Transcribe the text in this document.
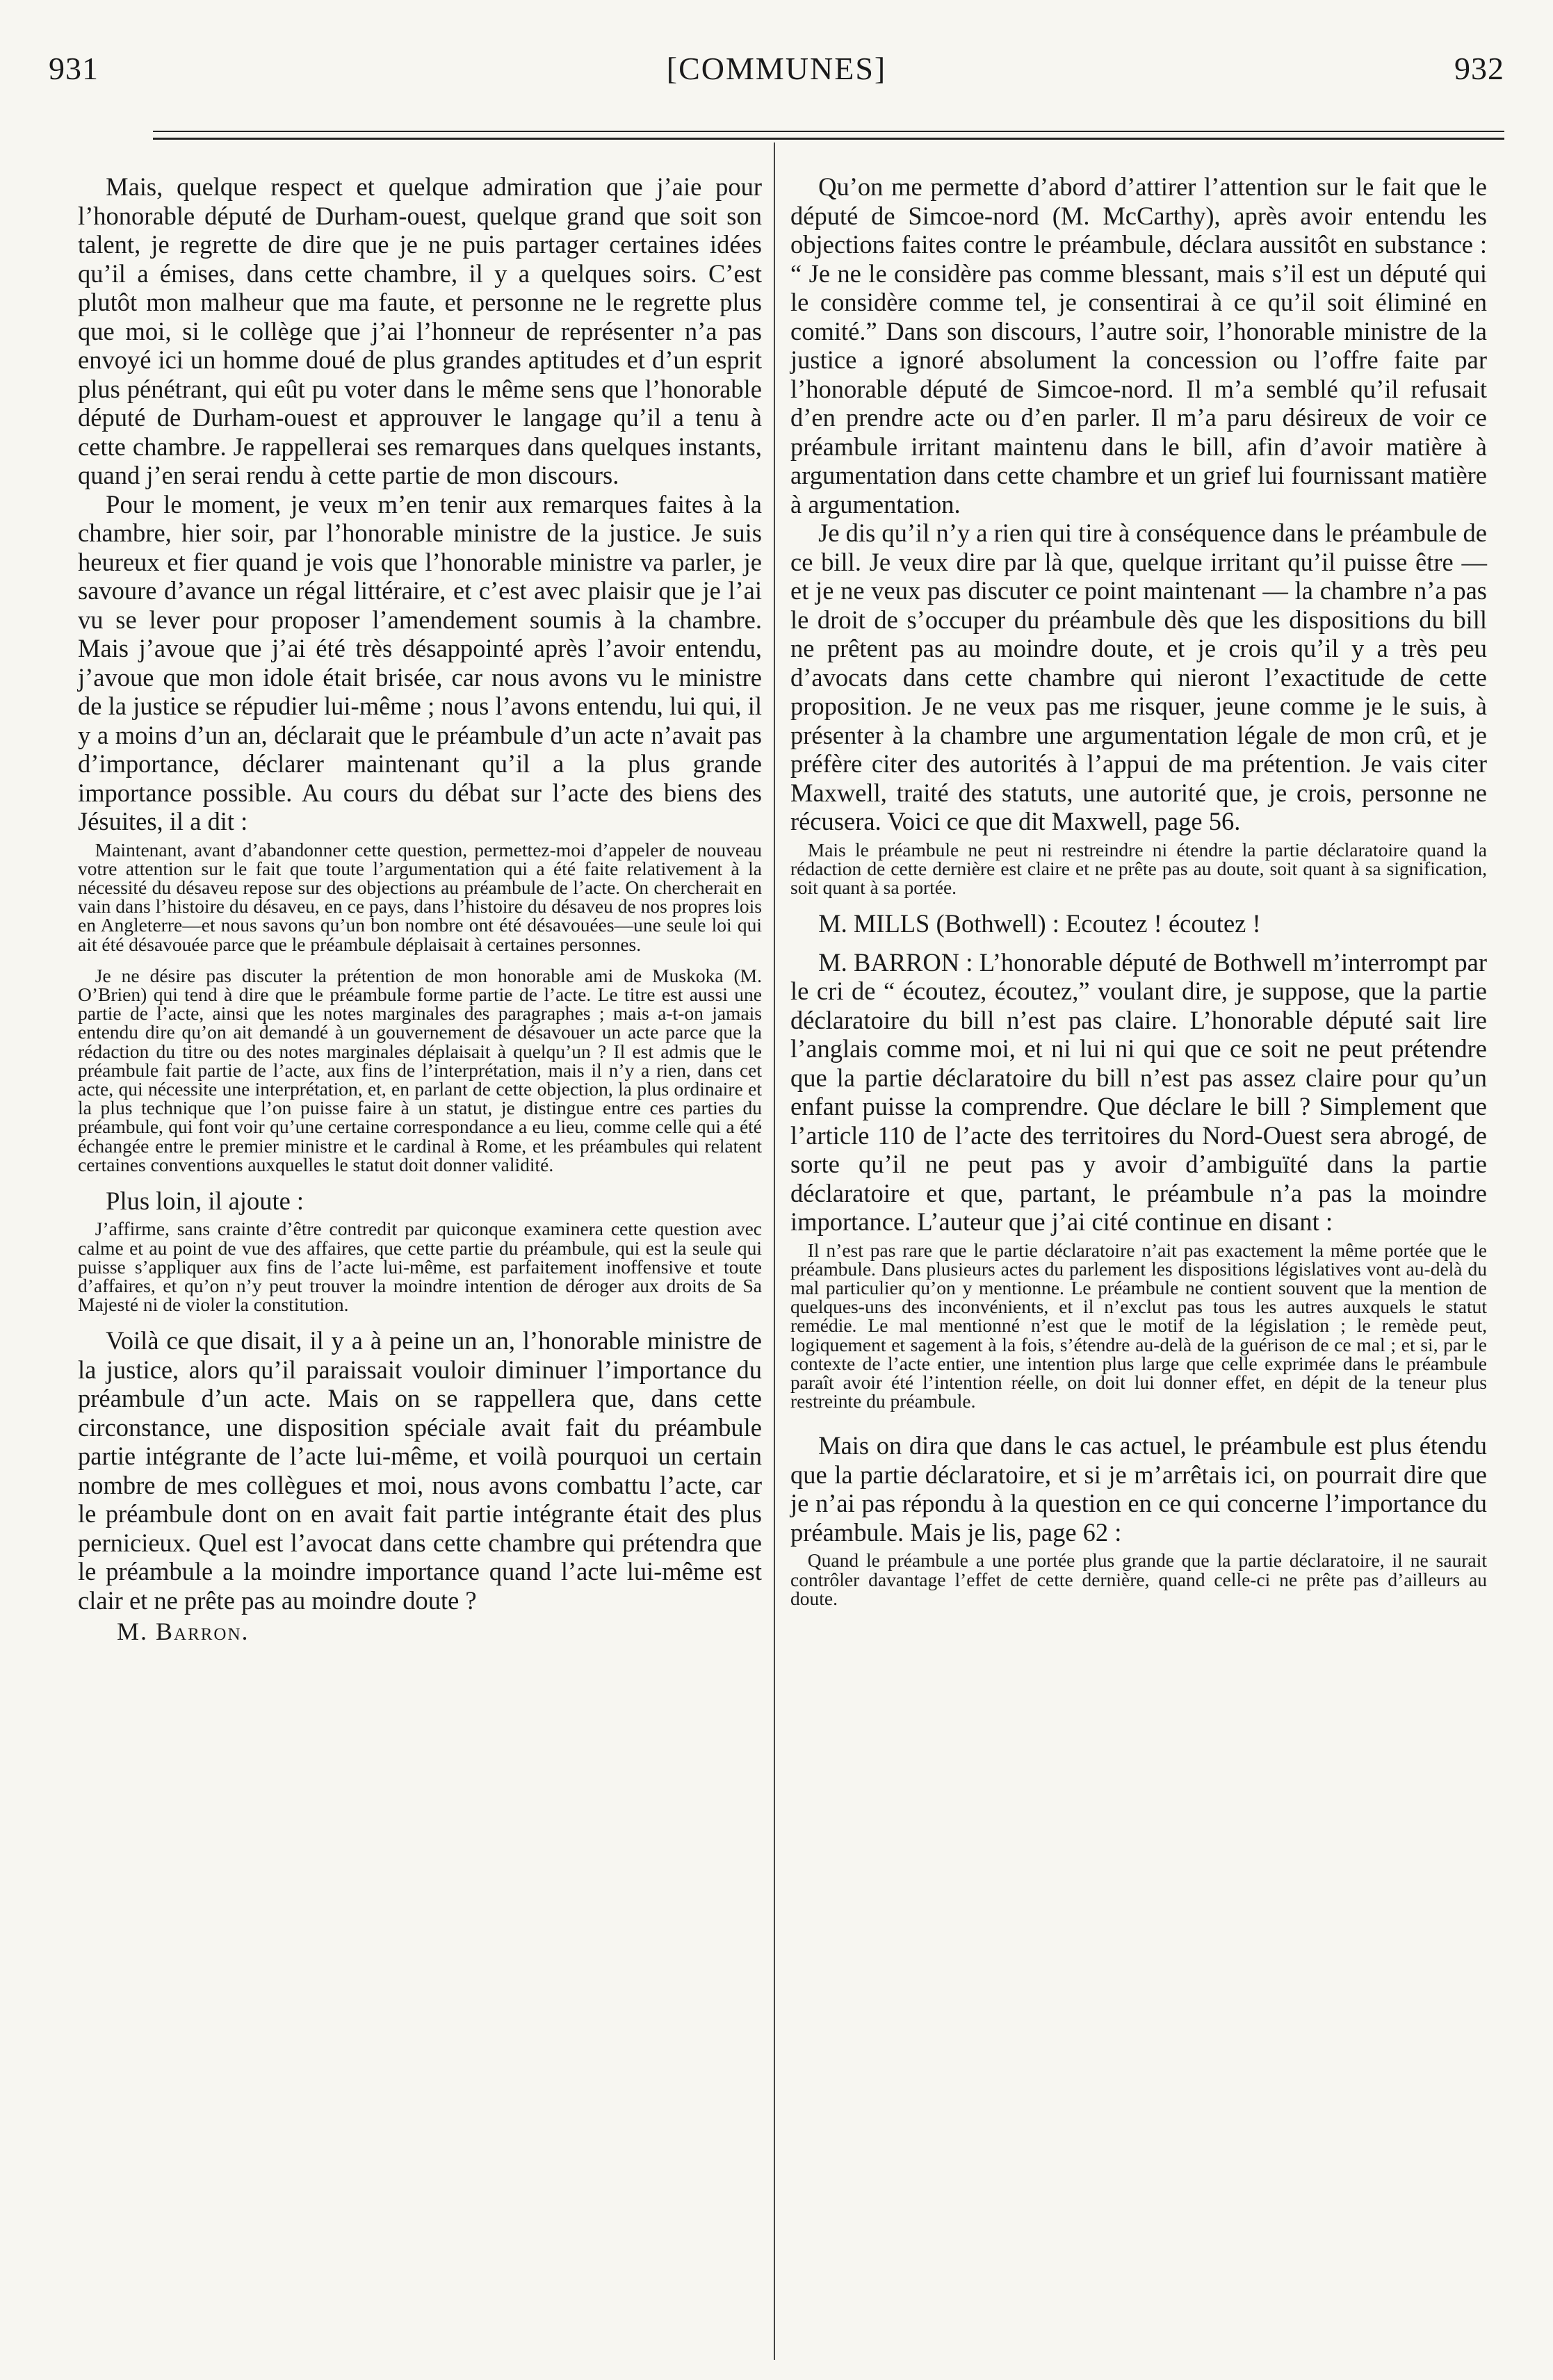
931	[COMMUNES]	932

Mais, quelque respect et quelque admiration que j’aie pour l’honorable député de Durham-ouest, quelque grand que soit son talent, je regrette de dire que je ne puis partager certaines idées qu’il a émises, dans cette chambre, il y a quelques soirs. C’est plutôt mon malheur que ma faute, et personne ne le regrette plus que moi, si le collège que j’ai l’honneur de représenter n’a pas envoyé ici un homme doué de plus grandes aptitudes et d’un esprit plus pénétrant, qui eût pu voter dans le même sens que l’honorable député de Durham-ouest et approuver le langage qu’il a tenu à cette chambre. Je rappellerai ses remarques dans quelques instants, quand j’en serai rendu à cette partie de mon discours.

Pour le moment, je veux m’en tenir aux remarques faites à la chambre, hier soir, par l’honorable ministre de la justice. Je suis heureux et fier quand je vois que l’honorable ministre va parler, je savoure d’avance un régal littéraire, et c’est avec plaisir que je l’ai vu se lever pour proposer l’amendement soumis à la chambre. Mais j’avoue que j’ai été très désappointé après l’avoir entendu, j’avoue que mon idole était brisée, car nous avons vu le ministre de la justice se répudier lui-même ; nous l’avons entendu, lui qui, il y a moins d’un an, déclarait que le préambule d’un acte n’avait pas d’importance, déclarer maintenant qu’il a la plus grande importance possible. Au cours du débat sur l’acte des biens des Jésuites, il a dit :

Maintenant, avant d’abandonner cette question, permettez-moi d’appeler de nouveau votre attention sur le fait que toute l’argumentation qui a été faite relativement à la nécessité du désaveu repose sur des objections au préambule de l’acte. On chercherait en vain dans l’histoire du désaveu, en ce pays, dans l’histoire du désaveu de nos propres lois en Angleterre—et nous savons qu’un bon nombre ont été désavouées—une seule loi qui ait été désavouée parce que le préambule déplaisait à certaines personnes.

Je ne désire pas discuter la prétention de mon honorable ami de Muskoka (M. O’Brien) qui tend à dire que le préambule forme partie de l’acte. Le titre est aussi une partie de l’acte, ainsi que les notes marginales des paragraphes ; mais a-t-on jamais entendu dire qu’on ait demandé à un gouvernement de désavouer un acte parce que la rédaction du titre ou des notes marginales déplaisait à quelqu’un ? Il est admis que le préambule fait partie de l’acte, aux fins de l’interprétation, mais il n’y a rien, dans cet acte, qui nécessite une interprétation, et, en parlant de cette objection, la plus ordinaire et la plus technique que l’on puisse faire à un statut, je distingue entre ces parties du préambule, qui font voir qu’une certaine correspondance a eu lieu, comme celle qui a été échangée entre le premier ministre et le cardinal à Rome, et les préambules qui relatent certaines conventions auxquelles le statut doit donner validité.

Plus loin, il ajoute :

J’affirme, sans crainte d’être contredit par quiconque examinera cette question avec calme et au point de vue des affaires, que cette partie du préambule, qui est la seule qui puisse s’appliquer aux fins de l’acte lui-même, est parfaitement inoffensive et toute d’affaires, et qu’on n’y peut trouver la moindre intention de déroger aux droits de Sa Majesté ni de violer la constitution.

Voilà ce que disait, il y a à peine un an, l’honorable ministre de la justice, alors qu’il paraissait vouloir diminuer l’importance du préambule d’un acte. Mais on se rappellera que, dans cette circonstance, une disposition spéciale avait fait du préambule partie intégrante de l’acte lui-même, et voilà pourquoi un certain nombre de mes collègues et moi, nous avons combattu l’acte, car le préambule dont on en avait fait partie intégrante était des plus pernicieux. Quel est l’avocat dans cette chambre qui prétendra que le préambule a la moindre importance quand l’acte lui-même est clair et ne prête pas au moindre doute ?

M. Barron.

Qu’on me permette d’abord d’attirer l’attention sur le fait que le député de Simcoe-nord (M. McCarthy), après avoir entendu les objections faites contre le préambule, déclara aussitôt en substance : “ Je ne le considère pas comme blessant, mais s’il est un député qui le considère comme tel, je consentirai à ce qu’il soit éliminé en comité.” Dans son discours, l’autre soir, l’honorable ministre de la justice a ignoré absolument la concession ou l’offre faite par l’honorable député de Simcoe-nord. Il m’a semblé qu’il refusait d’en prendre acte ou d’en parler. Il m’a paru désireux de voir ce préambule irritant maintenu dans le bill, afin d’avoir matière à argumentation dans cette chambre et un grief lui fournissant matière à argumentation.

Je dis qu’il n’y a rien qui tire à conséquence dans le préambule de ce bill. Je veux dire par là que, quelque irritant qu’il puisse être — et je ne veux pas discuter ce point maintenant — la chambre n’a pas le droit de s’occuper du préambule dès que les dispositions du bill ne prêtent pas au moindre doute, et je crois qu’il y a très peu d’avocats dans cette chambre qui nieront l’exactitude de cette proposition. Je ne veux pas me risquer, jeune comme je le suis, à présenter à la chambre une argumentation légale de mon crû, et je préfère citer des autorités à l’appui de ma prétention. Je vais citer Maxwell, traité des statuts, une autorité que, je crois, personne ne récusera. Voici ce que dit Maxwell, page 56.

Mais le préambule ne peut ni restreindre ni étendre la partie déclaratoire quand la rédaction de cette dernière est claire et ne prête pas au doute, soit quant à sa signification, soit quant à sa portée.

M. MILLS (Bothwell) : Ecoutez ! écoutez !

M. BARRON : L’honorable député de Bothwell m’interrompt par le cri de “ écoutez, écoutez,” voulant dire, je suppose, que la partie déclaratoire du bill n’est pas claire. L’honorable député sait lire l’anglais comme moi, et ni lui ni qui que ce soit ne peut prétendre que la partie déclaratoire du bill n’est pas assez claire pour qu’un enfant puisse la comprendre. Que déclare le bill ? Simplement que l’article 110 de l’acte des territoires du Nord-Ouest sera abrogé, de sorte qu’il ne peut pas y avoir d’ambiguïté dans la partie déclaratoire et que, partant, le préambule n’a pas la moindre importance. L’auteur que j’ai cité continue en disant :

Il n’est pas rare que le partie déclaratoire n’ait pas exactement la même portée que le préambule. Dans plusieurs actes du parlement les dispositions législatives vont au-delà du mal particulier qu’on y mentionne. Le préambule ne contient souvent que la mention de quelques-uns des inconvénients, et il n’exclut pas tous les autres auxquels le statut remédie. Le mal mentionné n’est que le motif de la législation ; le remède peut, logiquement et sagement à la fois, s’étendre au-delà de la guérison de ce mal ; et si, par le contexte de l’acte entier, une intention plus large que celle exprimée dans le préambule paraît avoir été l’intention réelle, on doit lui donner effet, en dépit de la teneur plus restreinte du préambule.

Mais on dira que dans le cas actuel, le préambule est plus étendu que la partie déclaratoire, et si je m’arrêtais ici, on pourrait dire que je n’ai pas répondu à la question en ce qui concerne l’importance du préambule. Mais je lis, page 62 :

Quand le préambule a une portée plus grande que la partie déclaratoire, il ne saurait contrôler davantage l’effet de cette dernière, quand celle-ci ne prête pas d’ailleurs au doute.
